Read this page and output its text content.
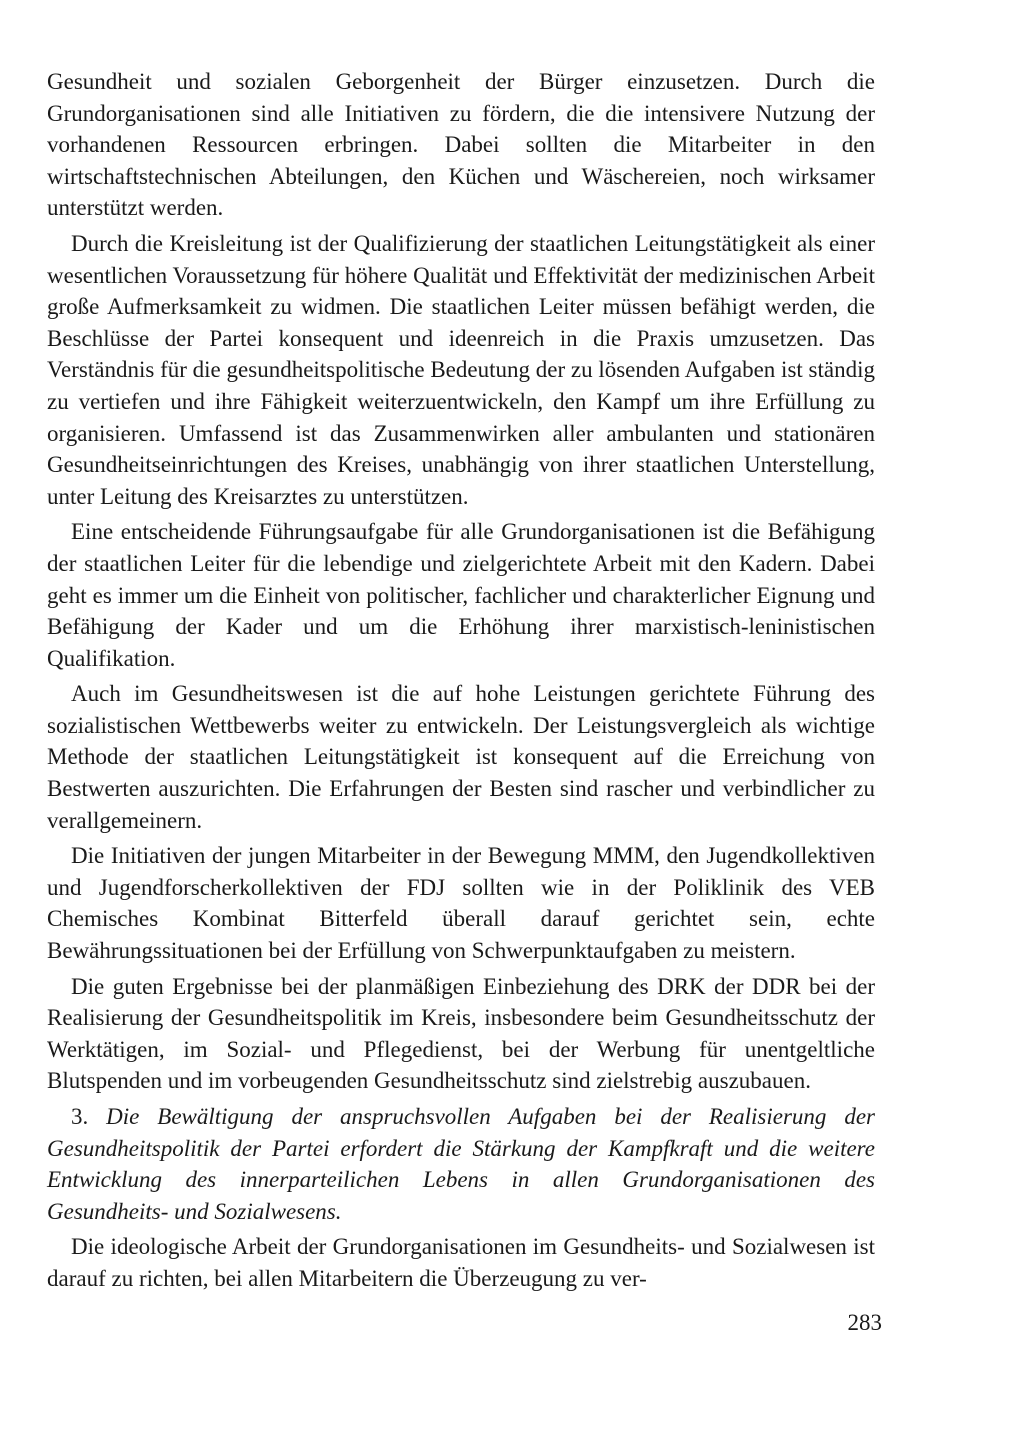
Gesundheit und sozialen Geborgenheit der Bürger einzusetzen. Durch die Grundorganisationen sind alle Initiativen zu fördern, die die intensivere Nutzung der vorhandenen Ressourcen erbringen. Dabei sollten die Mitarbeiter in den wirtschaftstechnischen Abteilungen, den Küchen und Wäschereien, noch wirksamer unterstützt werden.

Durch die Kreisleitung ist der Qualifizierung der staatlichen Leitungstätigkeit als einer wesentlichen Voraussetzung für höhere Qualität und Effektivität der medizinischen Arbeit große Aufmerksamkeit zu widmen. Die staatlichen Leiter müssen befähigt werden, die Beschlüsse der Partei konsequent und ideenreich in die Praxis umzusetzen. Das Verständnis für die gesundheitspolitische Bedeutung der zu lösenden Aufgaben ist ständig zu vertiefen und ihre Fähigkeit weiterzuentwickeln, den Kampf um ihre Erfüllung zu organisieren. Umfassend ist das Zusammenwirken aller ambulanten und stationären Gesundheitseinrichtungen des Kreises, unabhängig von ihrer staatlichen Unterstellung, unter Leitung des Kreisarztes zu unterstützen.

Eine entscheidende Führungsaufgabe für alle Grundorganisationen ist die Befähigung der staatlichen Leiter für die lebendige und zielgerichtete Arbeit mit den Kadern. Dabei geht es immer um die Einheit von politischer, fachlicher und charakterlicher Eignung und Befähigung der Kader und um die Erhöhung ihrer marxistisch-leninistischen Qualifikation.

Auch im Gesundheitswesen ist die auf hohe Leistungen gerichtete Führung des sozialistischen Wettbewerbs weiter zu entwickeln. Der Leistungsvergleich als wichtige Methode der staatlichen Leitungstätigkeit ist konsequent auf die Erreichung von Bestwerten auszurichten. Die Erfahrungen der Besten sind rascher und verbindlicher zu verallgemeinern.

Die Initiativen der jungen Mitarbeiter in der Bewegung MMM, den Jugendkollektiven und Jugendforscherkollektiven der FDJ sollten wie in der Poliklinik des VEB Chemisches Kombinat Bitterfeld überall darauf gerichtet sein, echte Bewährungssituationen bei der Erfüllung von Schwerpunktaufgaben zu meistern.

Die guten Ergebnisse bei der planmäßigen Einbeziehung des DRK der DDR bei der Realisierung der Gesundheitspolitik im Kreis, insbesondere beim Gesundheitsschutz der Werktätigen, im Sozial- und Pflegedienst, bei der Werbung für unentgeltliche Blutspenden und im vorbeugenden Gesundheitsschutz sind zielstrebig auszubauen.

3. Die Bewältigung der anspruchsvollen Aufgaben bei der Realisierung der Gesundheitspolitik der Partei erfordert die Stärkung der Kampfkraft und die weitere Entwicklung des innerparteilichen Lebens in allen Grundorganisationen des Gesundheits- und Sozialwesens.

Die ideologische Arbeit der Grundorganisationen im Gesundheits- und Sozialwesen ist darauf zu richten, bei allen Mitarbeitern die Überzeugung zu ver-

283
